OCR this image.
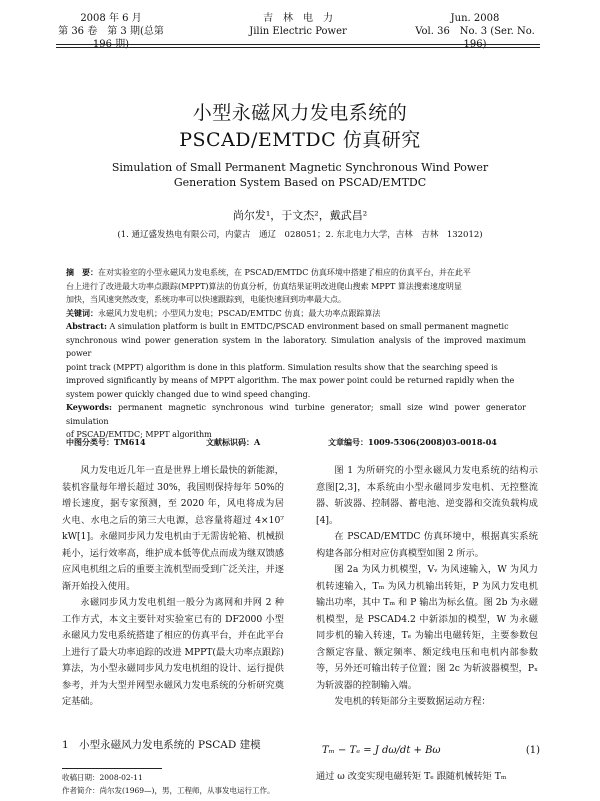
2008 年 6 月
第 36 卷　第 3 期(总第 196 期)
吉　林　电　力
Jilin Electric Power
Jun. 2008
Vol. 36　No. 3 (Ser. No. 196)
小型永磁风力发电系统的
PSCAD/EMTDC 仿真研究
Simulation of Small Permanent Magnetic Synchronous Wind Power
Generation System Based on PSCAD/EMTDC
尚尔发¹，于文杰²，戴武昌²
(1. 通辽盛发热电有限公司，内蒙古　通辽　028051；2. 东北电力大学，吉林　吉林　132012)
摘　要：在对实验室的小型永磁风力发电系统，在 PSCAD/EMTDC 仿真环境中搭建了相应的仿真平台，并在此平
台上进行了改进最大功率点跟踪(MPPT)算法的仿真分析，仿真结果证明改进爬山搜索 MPPT 算法搜索速度明显
加快，当风速突然改变，系统功率可以快速跟踪到，电能快速回到功率最大点。
关键词：永磁风力发电机；小型风力发电；PSCAD/EMTDC 仿真；最大功率点跟踪算法
Abstract: A simulation platform is built in EMTDC/PSCAD environment based on small permanent magnetic
synchronous wind power generation system in the laboratory. Simulation analysis of the improved maximum power
point track (MPPT) algorithm is done in this platform. Simulation results show that the searching speed is
improved significantly by means of MPPT algorithm. The max power point could be returned rapidly when the
system power quickly changed due to wind speed changing.
Keywords: permanent magnetic synchronous wind turbine generator; small size wind power generator simulation
of PSCAD/EMTDC; MPPT algorithm
中图分类号：TM614	文献标识码：A	文章编号：1009-5306(2008)03-0018-04

风力发电近几年一直是世界上增长最快的新能源，装机容量每年增长超过 30%，我国则保持每年 50%的增长速度，据专家预测，至 2020 年，风电将成为居火电、水电之后的第三大电源，总容量将超过 4×10⁷ kW[1]。永磁同步风力发电机由于无需齿轮箱、机械损耗小，运行效率高，维护成本低等优点而成为继双馈感应风电机组之后的重要主流机型而受到广泛关注，并逐渐开始投入使用。

永磁同步风力发电机组一般分为离网和并网 2 种工作方式，本文主要针对实验室已有的 DF2000 小型永磁风力发电系统搭建了相应的仿真平台，并在此平台上进行了最大功率追踪的改进 MPPT(最大功率点跟踪)算法，为小型永磁同步风力发电机组的设计、运行提供参考，并为大型并网型永磁风力发电系统的分析研究奠定基础。

1　小型永磁风力发电系统的 PSCAD 建模

图 1 为所研究的小型永磁风力发电系统的结构示意图[2,3]，本系统由小型永磁同步发电机、无控整流器、斩波器、控制器、蓄电池、逆变器和交流负载构成[4]。

在 PSCAD/EMTDC 仿真环境中，根据真实系统构建各部分相对应仿真模型如图 2 所示。

图 2a 为风力机模型，Vᵥ 为风速输入，W 为风力机转速输入，Tₘ 为风力机输出转矩，P 为风力发电机输出功率，其中 Tₘ 和 P 输出为标幺值。图 2b 为永磁机模型，是 PSCAD4.2 中新添加的模型，W 为永磁同步机的输入转速，Tₑ 为输出电磁转矩，主要参数包含额定容量、额定频率、额定线电压和电机内部参数等，另外还可输出转子位置；图 2c 为斩波器模型，Pₓ 为斩波器的控制输入端。

发电机的转矩部分主要数据运动方程：

Tₘ − Tₑ = J dω/dt + Bω	(1)
通过 ω 改变实现电磁转矩 Tₑ 跟随机械转矩 Tₘ
收稿日期：2008-02-11
作者简介：尚尔发(1969—)，男，工程师，从事发电运行工作。
